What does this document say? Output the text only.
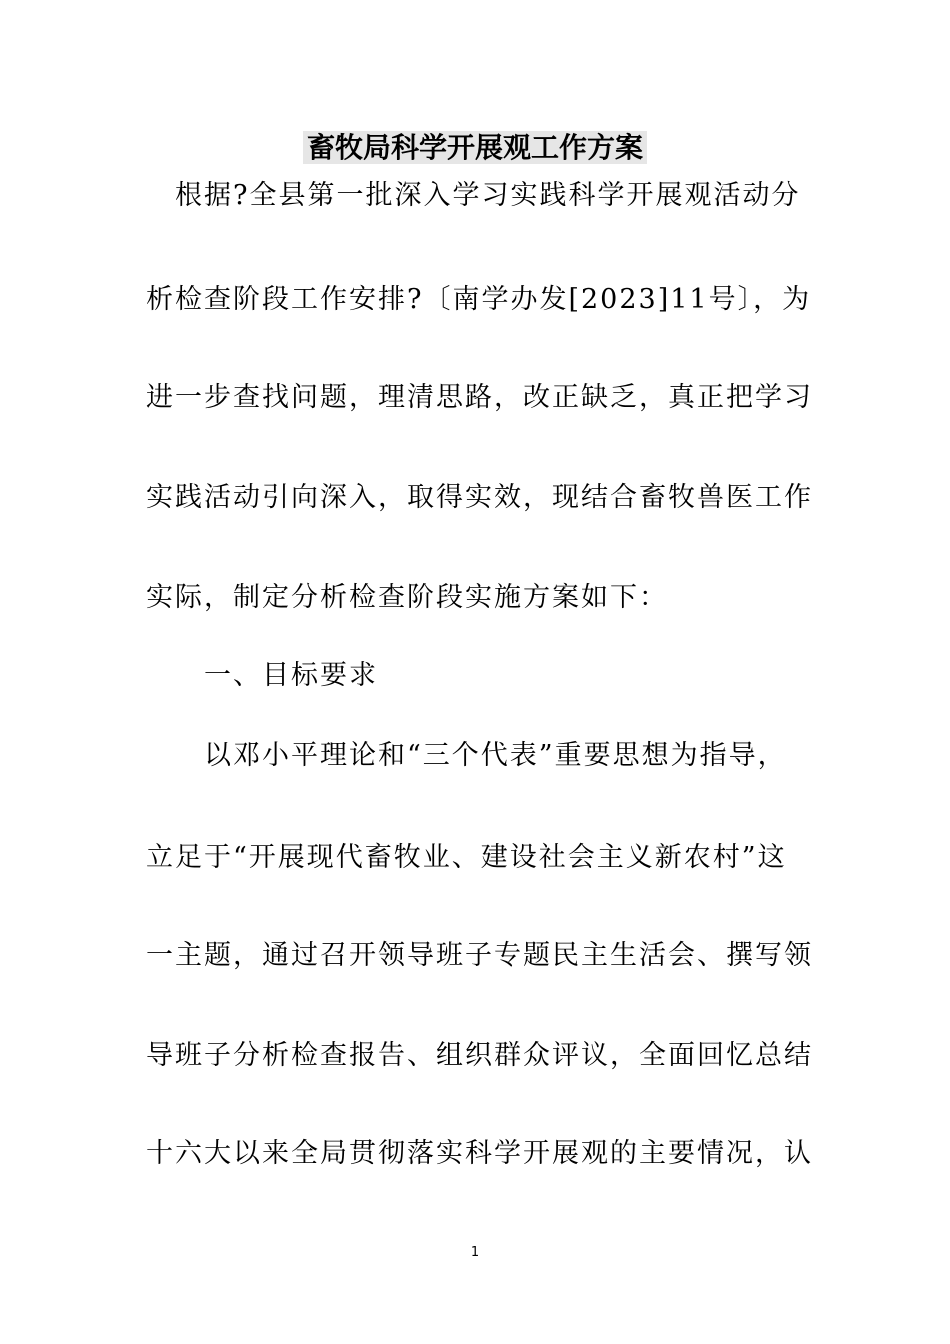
畜牧局科学开展观工作方案

　根据?全县第一批深入学习实践科学开展观活动分

析检查阶段工作安排?〔南学办发[2023]11号〕，为

进一步查找问题，理清思路，改正缺乏，真正把学习

实践活动引向深入，取得实效，现结合畜牧兽医工作

实际，制定分析检查阶段实施方案如下：

　　一、目标要求

　　以邓小平理论和“三个代表”重要思想为指导，

立足于“开展现代畜牧业、建设社会主义新农村”这

一主题，通过召开领导班子专题民主生活会、撰写领

导班子分析检查报告、组织群众评议，全面回忆总结

十六大以来全局贯彻落实科学开展观的主要情况，认

1
